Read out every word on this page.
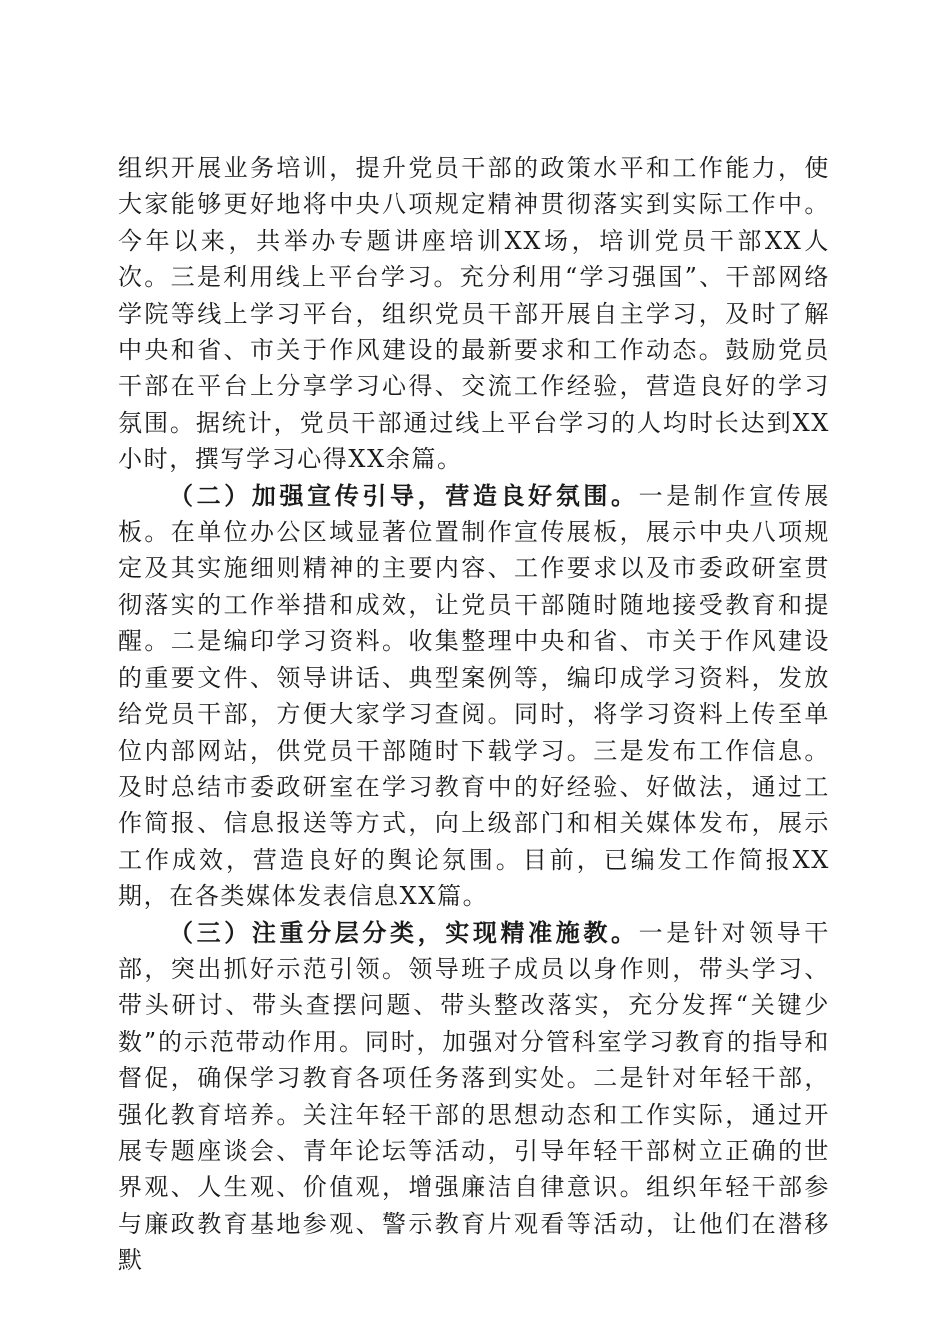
组织开展业务培训，提升党员干部的政策水平和工作能力，使大家能够更好地将中央八项规定精神贯彻落实到实际工作中。今年以来，共举办专题讲座培训XX场，培训党员干部XX人次。三是利用线上平台学习。充分利用“学习强国”、干部网络学院等线上学习平台，组织党员干部开展自主学习，及时了解中央和省、市关于作风建设的最新要求和工作动态。鼓励党员干部在平台上分享学习心得、交流工作经验，营造良好的学习氛围。据统计，党员干部通过线上平台学习的人均时长达到XX小时，撰写学习心得XX余篇。

（二）加强宣传引导，营造良好氛围。一是制作宣传展板。在单位办公区域显著位置制作宣传展板，展示中央八项规定及其实施细则精神的主要内容、工作要求以及市委政研室贯彻落实的工作举措和成效，让党员干部随时随地接受教育和提醒。二是编印学习资料。收集整理中央和省、市关于作风建设的重要文件、领导讲话、典型案例等，编印成学习资料，发放给党员干部，方便大家学习查阅。同时，将学习资料上传至单位内部网站，供党员干部随时下载学习。三是发布工作信息。及时总结市委政研室在学习教育中的好经验、好做法，通过工作简报、信息报送等方式，向上级部门和相关媒体发布，展示工作成效，营造良好的舆论氛围。目前，已编发工作简报XX期，在各类媒体发表信息XX篇。

（三）注重分层分类，实现精准施教。一是针对领导干部，突出抓好示范引领。领导班子成员以身作则，带头学习、带头研讨、带头查摆问题、带头整改落实，充分发挥“关键少数”的示范带动作用。同时，加强对分管科室学习教育的指导和督促，确保学习教育各项任务落到实处。二是针对年轻干部，强化教育培养。关注年轻干部的思想动态和工作实际，通过开展专题座谈会、青年论坛等活动，引导年轻干部树立正确的世界观、人生观、价值观，增强廉洁自律意识。组织年轻干部参与廉政教育基地参观、警示教育片观看等活动，让他们在潜移默
